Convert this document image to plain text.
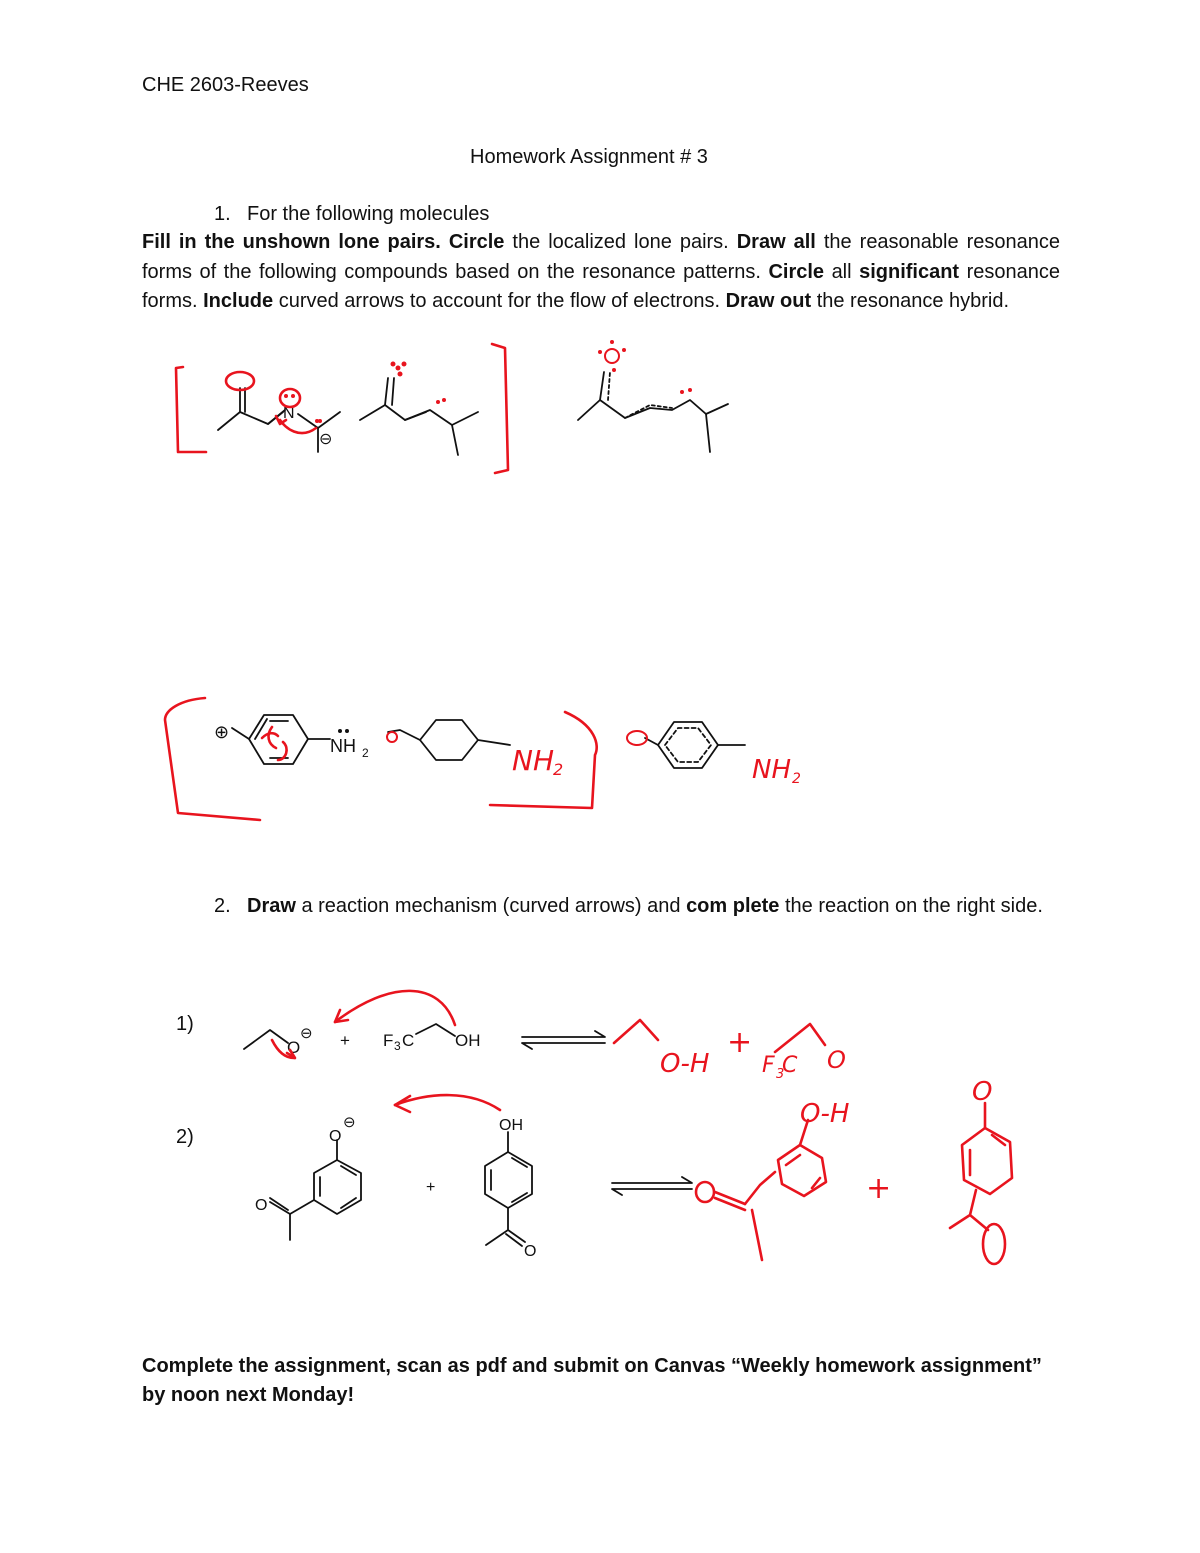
CHE 2603-Reeves
Homework Assignment # 3
1. For the following molecules
Fill in the unshown lone pairs. Circle the localized lone pairs. Draw all the reasonable resonance forms of the following compounds based on the resonance patterns. Circle all significant resonance forms. Include curved arrows to account for the flow of electrons. Draw out the resonance hybrid.
2. Draw a reaction mechanism (curved arrows) and com plete the reaction on the right side.
1)
2)
Complete the assignment, scan as pdf and submit on Canvas “Weekly homework assignment”
by noon next Monday!
N
⊖
NH 2
⊕
NH 2	NH 2
O
⊖ + F 3 C OH
O-H
+
F 3
C O
O
⊖
O
+
OH
O
O-H
+
O
